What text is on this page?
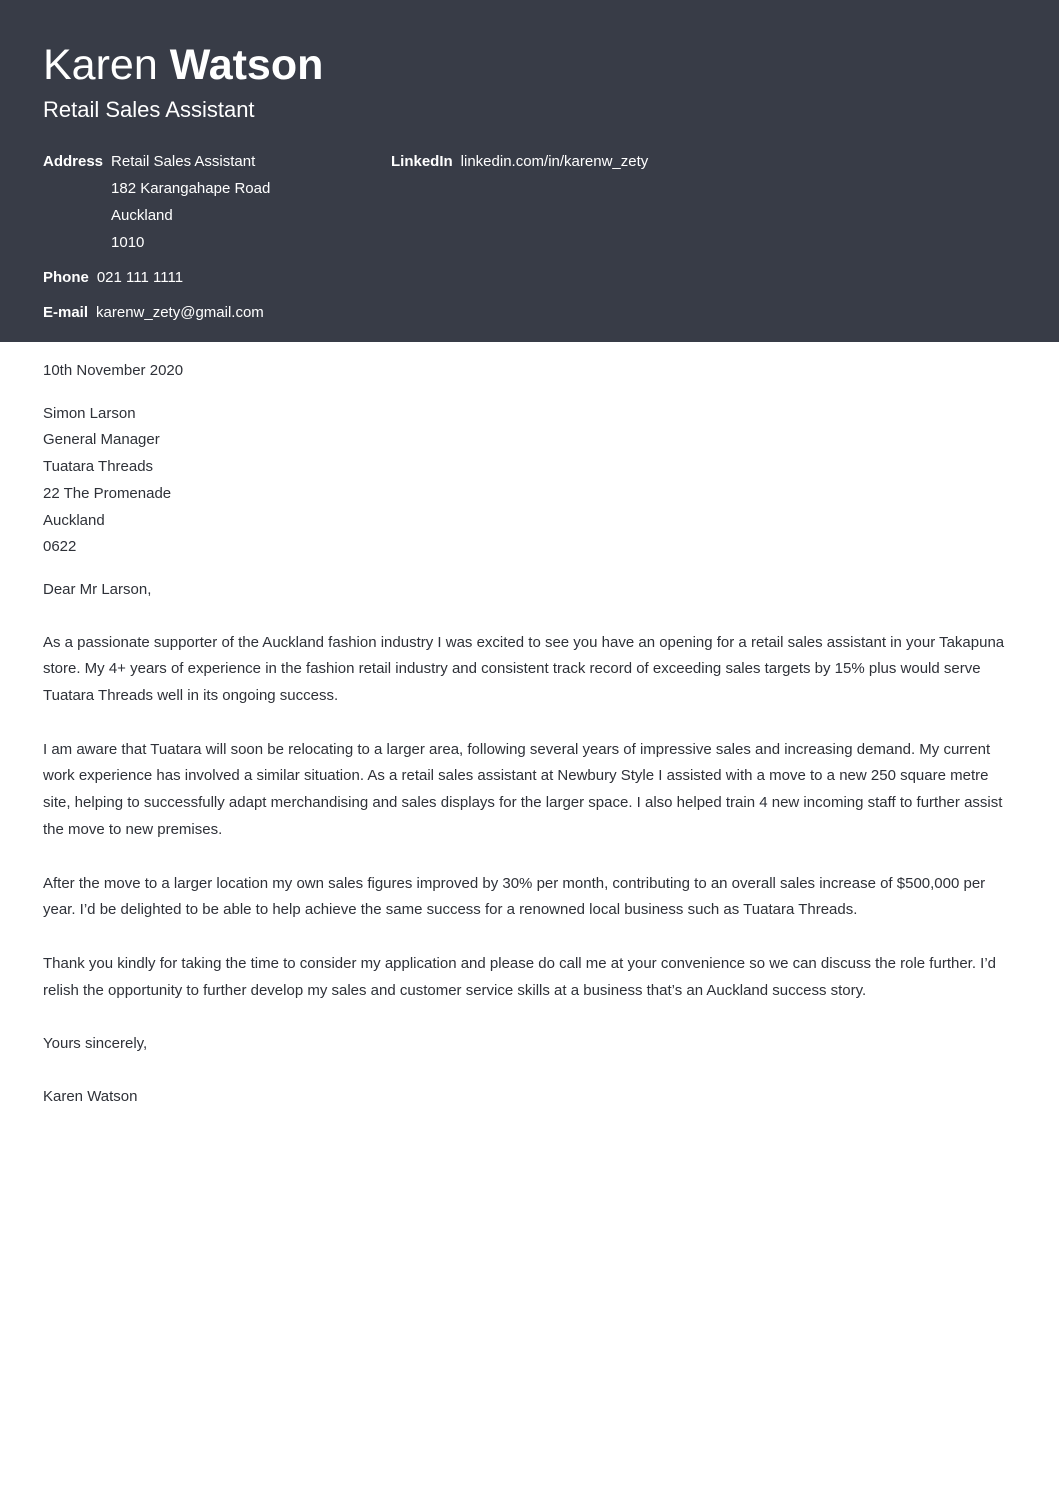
Karen Watson
Retail Sales Assistant
Address Retail Sales Assistant
182 Karangahape Road
Auckland
1010
Phone 021 111 1111
E-mail karenw_zety@gmail.com
LinkedIn linkedin.com/in/karenw_zety

10th November 2020

Simon Larson
General Manager
Tuatara Threads
22 The Promenade
Auckland
0622

Dear Mr Larson,

As a passionate supporter of the Auckland fashion industry I was excited to see you have an opening for a retail sales assistant in your Takapuna store. My 4+ years of experience in the fashion retail industry and consistent track record of exceeding sales targets by 15% plus would serve Tuatara Threads well in its ongoing success.

I am aware that Tuatara will soon be relocating to a larger area, following several years of impressive sales and increasing demand. My current work experience has involved a similar situation. As a retail sales assistant at Newbury Style I assisted with a move to a new 250 square metre site, helping to successfully adapt merchandising and sales displays for the larger space. I also helped train 4 new incoming staff to further assist the move to new premises.

After the move to a larger location my own sales figures improved by 30% per month, contributing to an overall sales increase of $500,000 per year. I’d be delighted to be able to help achieve the same success for a renowned local business such as Tuatara Threads.

Thank you kindly for taking the time to consider my application and please do call me at your convenience so we can discuss the role further. I’d relish the opportunity to further develop my sales and customer service skills at a business that’s an Auckland success story.

Yours sincerely,

Karen Watson
